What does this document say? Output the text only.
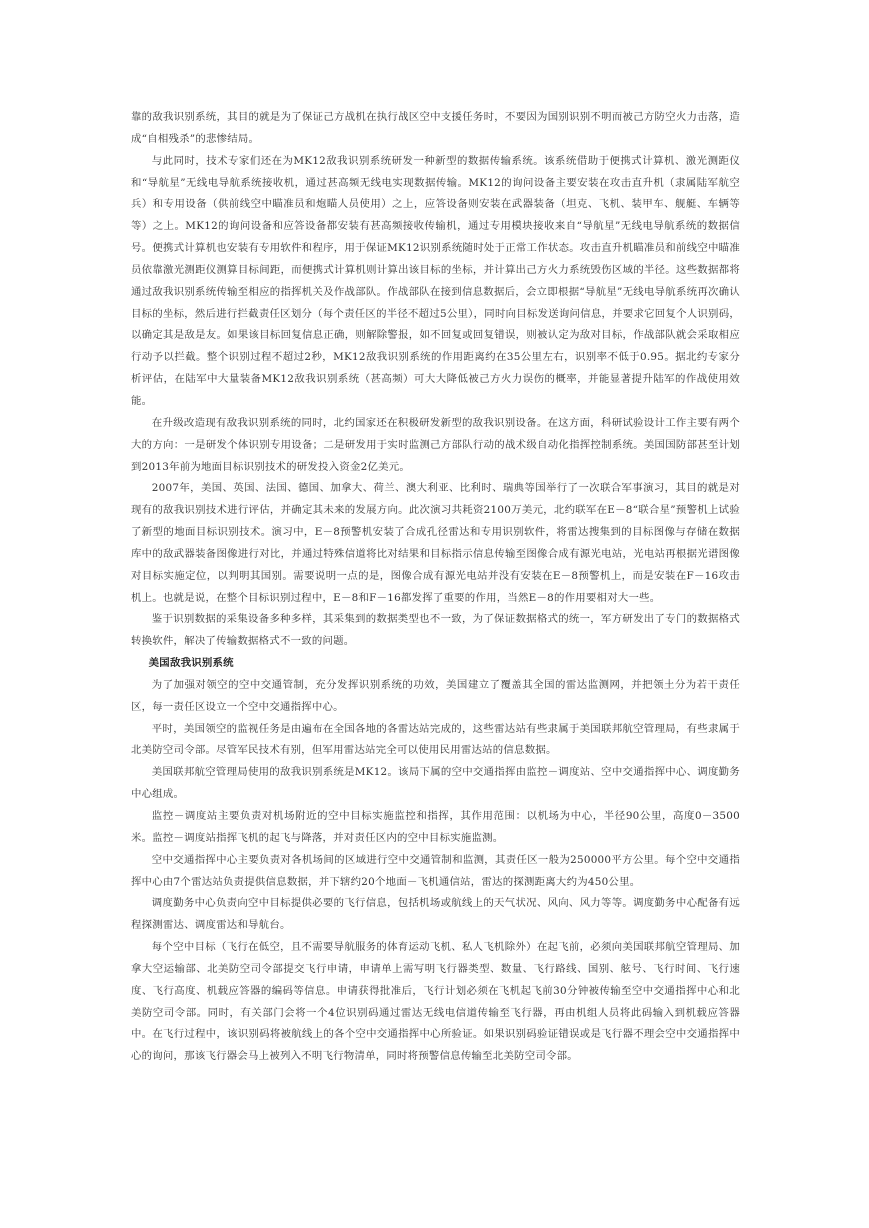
靠的敌我识别系统，其目的就是为了保证己方战机在执行战区空中支援任务时，不要因为国别识别不明而被己方防空火力击落，造成“自相残杀”的悲惨结局。

与此同时，技术专家们还在为MK12敌我识别系统研发一种新型的数据传输系统。该系统借助于便携式计算机、激光测距仪和“导航星”无线电导航系统接收机，通过甚高频无线电实现数据传输。MK12的询问设备主要安装在攻击直升机（隶属陆军航空兵）和专用设备（供前线空中瞄准员和炮瞄人员使用）之上，应答设备则安装在武器装备（坦克、飞机、装甲车、舰艇、车辆等等）之上。MK12的询问设备和应答设备都安装有甚高频接收传输机，通过专用模块接收来自“导航星”无线电导航系统的数据信号。便携式计算机也安装有专用软件和程序，用于保证MK12识别系统随时处于正常工作状态。攻击直升机瞄准员和前线空中瞄准员依靠激光测距仪测算目标间距，而便携式计算机则计算出该目标的坐标，并计算出己方火力系统毁伤区域的半径。这些数据都将通过敌我识别系统传输至相应的指挥机关及作战部队。作战部队在接到信息数据后，会立即根据“导航星”无线电导航系统再次确认目标的坐标，然后进行拦截责任区划分（每个责任区的半径不超过5公里），同时向目标发送询问信息，并要求它回复个人识别码，以确定其是敌是友。如果该目标回复信息正确，则解除警报，如不回复或回复错误，则被认定为敌对目标，作战部队就会采取相应行动予以拦截。整个识别过程不超过2秒，MK12敌我识别系统的作用距离约在35公里左右，识别率不低于0.95。据北约专家分析评估，在陆军中大量装备MK12敌我识别系统（甚高频）可大大降低被己方火力误伤的概率，并能显著提升陆军的作战使用效能。

在升级改造现有敌我识别系统的同时，北约国家还在积极研发新型的敌我识别设备。在这方面，科研试验设计工作主要有两个大的方向：一是研发个体识别专用设备；二是研发用于实时监测己方部队行动的战术级自动化指挥控制系统。美国国防部甚至计划到2013年前为地面目标识别技术的研发投入资金2亿美元。

2007年，美国、英国、法国、德国、加拿大、荷兰、澳大利亚、比利时、瑞典等国举行了一次联合军事演习，其目的就是对现有的敌我识别技术进行评估，并确定其未来的发展方向。此次演习共耗资2100万美元，北约联军在E－8“联合星”预警机上试验了新型的地面目标识别技术。演习中，E－8预警机安装了合成孔径雷达和专用识别软件，将雷达搜集到的目标图像与存储在数据库中的敌武器装备图像进行对比，并通过特殊信道将比对结果和目标指示信息传输至图像合成有源光电站，光电站再根据光谱图像对目标实施定位，以判明其国别。需要说明一点的是，图像合成有源光电站并没有安装在E－8预警机上，而是安装在F－16攻击机上。也就是说，在整个目标识别过程中，E－8和F－16都发挥了重要的作用，当然E－8的作用要相对大一些。

鉴于识别数据的采集设备多种多样，其采集到的数据类型也不一致，为了保证数据格式的统一，军方研发出了专门的数据格式转换软件，解决了传输数据格式不一致的问题。

美国敌我识别系统

为了加强对领空的空中交通管制，充分发挥识别系统的功效，美国建立了覆盖其全国的雷达监测网，并把领土分为若干责任区，每一责任区设立一个空中交通指挥中心。

平时，美国领空的监视任务是由遍布在全国各地的各雷达站完成的，这些雷达站有些隶属于美国联邦航空管理局，有些隶属于北美防空司令部。尽管军民技术有别，但军用雷达站完全可以使用民用雷达站的信息数据。

美国联邦航空管理局使用的敌我识别系统是MK12。该局下属的空中交通指挥由监控－调度站、空中交通指挥中心、调度勤务中心组成。

监控－调度站主要负责对机场附近的空中目标实施监控和指挥，其作用范围：以机场为中心，半径90公里，高度0－3500米。监控－调度站指挥飞机的起飞与降落，并对责任区内的空中目标实施监测。

空中交通指挥中心主要负责对各机场间的区域进行空中交通管制和监测，其责任区一般为250000平方公里。每个空中交通指挥中心由7个雷达站负责提供信息数据，并下辖约20个地面－飞机通信站，雷达的探测距离大约为450公里。

调度勤务中心负责向空中目标提供必要的飞行信息，包括机场或航线上的天气状况、风向、风力等等。调度勤务中心配备有远程探测雷达、调度雷达和导航台。

每个空中目标（飞行在低空，且不需要导航服务的体育运动飞机、私人飞机除外）在起飞前，必须向美国联邦航空管理局、加拿大空运输部、北美防空司令部提交飞行申请，申请单上需写明飞行器类型、数量、飞行路线、国别、舷号、飞行时间、飞行速度、飞行高度、机载应答器的编码等信息。申请获得批准后，飞行计划必须在飞机起飞前30分钟被传输至空中交通指挥中心和北美防空司令部。同时，有关部门会将一个4位识别码通过雷达无线电信道传输至飞行器，再由机组人员将此码输入到机载应答器中。在飞行过程中，该识别码将被航线上的各个空中交通指挥中心所验证。如果识别码验证错误或是飞行器不理会空中交通指挥中心的询问，那该飞行器会马上被列入不明飞行物清单，同时将预警信息传输至北美防空司令部。
